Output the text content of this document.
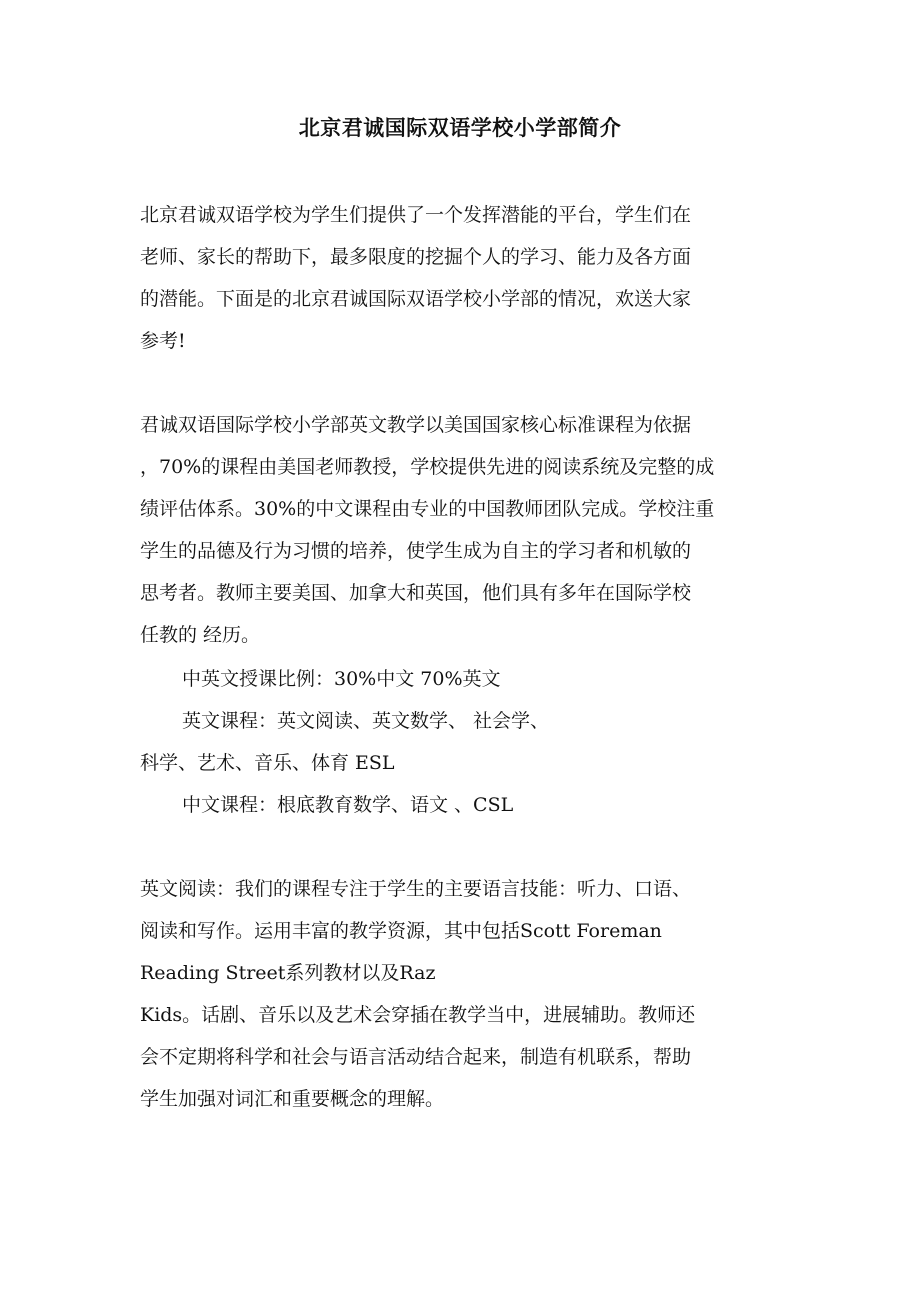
北京君诚国际双语学校小学部简介
北京君诚双语学校为学生们提供了一个发挥潜能的平台，学生们在
老师、家长的帮助下，最多限度的挖掘个人的学习、能力及各方面
的潜能。下面是的北京君诚国际双语学校小学部的情况，欢送大家
参考!
君诚双语国际学校小学部英文教学以美国国家核心标准课程为依据
，70%的课程由美国老师教授，学校提供先进的阅读系统及完整的成
绩评估体系。30%的中文课程由专业的中国教师团队完成。学校注重
学生的品德及行为习惯的培养，使学生成为自主的学习者和机敏的
思考者。教师主要美国、加拿大和英国，他们具有多年在国际学校
任教的 经历。
中英文授课比例：30%中文 70%英文
英文课程：英文阅读、英文数学、 社会学、
科学、艺术、音乐、体育 ESL
中文课程：根底教育数学、语文 、CSL
英文阅读：我们的课程专注于学生的主要语言技能：听力、口语、
阅读和写作。运用丰富的教学资源，其中包括Scott Foreman
Reading Street系列教材以及Raz
Kids。话剧、音乐以及艺术会穿插在教学当中，进展辅助。教师还
会不定期将科学和社会与语言活动结合起来，制造有机联系，帮助
学生加强对词汇和重要概念的理解。
